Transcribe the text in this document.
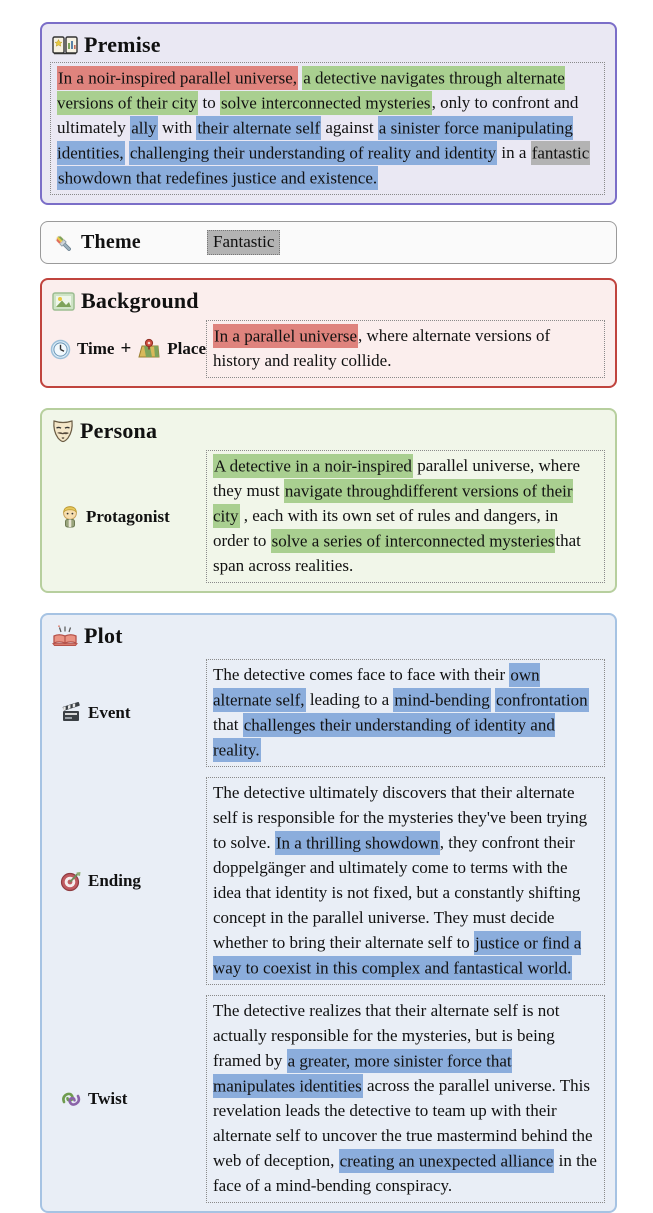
Premise
In a noir-inspired parallel universe, a detective navigates through alternate versions of their city to solve interconnected mysteries, only to confront and ultimately ally with their alternate self against a sinister force manipulating identities, challenging their understanding of reality and identity in a fantastic showdown that redefines justice and existence.
Theme	Fantastic
Background
Time + Place
In a parallel universe, where alternate versions of history and reality collide.
Persona
Protagonist
A detective in a noir-inspired parallel universe, where they must navigate throughdifferent versions of their city , each with its own set of rules and dangers, in order to solve a series of interconnected mysteriesthat span across realities.
Plot
Event
The detective comes face to face with their own alternate self, leading to a mind-bending confrontation that challenges their understanding of identity and reality.
Ending
The detective ultimately discovers that their alternate self is responsible for the mysteries they've been trying to solve. In a thrilling showdown, they confront their doppelgänger and ultimately come to terms with the idea that identity is not fixed, but a constantly shifting concept in the parallel universe. They must decide whether to bring their alternate self to justice or find a way to coexist in this complex and fantastical world.
Twist
The detective realizes that their alternate self is not actually responsible for the mysteries, but is being framed by a greater, more sinister force that manipulates identities across the parallel universe. This revelation leads the detective to team up with their alternate self to uncover the true mastermind behind the web of deception, creating an unexpected alliance in the face of a mind-bending conspiracy.
